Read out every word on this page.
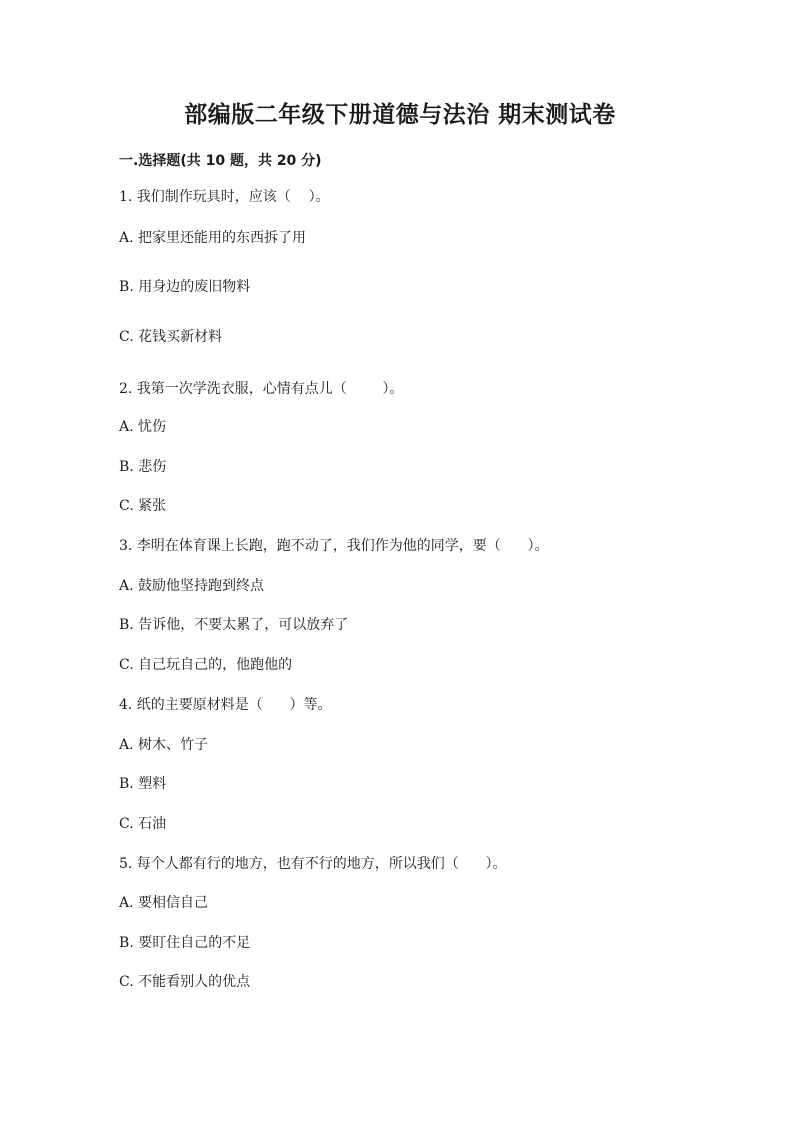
部编版二年级下册道德与法治 期末测试卷
一.选择题(共 10 题，共 20 分)
1. 我们制作玩具时，应该（    ）。
A. 把家里还能用的东西拆了用
B. 用身边的废旧物料
C. 花钱买新材料
2. 我第一次学洗衣服，心情有点儿（        ）。
A. 忧伤
B. 悲伤
C. 紧张
3. 李明在体育课上长跑，跑不动了，我们作为他的同学，要（      ）。
A. 鼓励他坚持跑到终点
B. 告诉他，不要太累了，可以放弃了
C. 自己玩自己的，他跑他的
4. 纸的主要原材料是（      ）等。
A. 树木、竹子
B. 塑料
C. 石油
5. 每个人都有行的地方，也有不行的地方，所以我们（      ）。
A. 要相信自己
B. 要盯住自己的不足
C. 不能看别人的优点
